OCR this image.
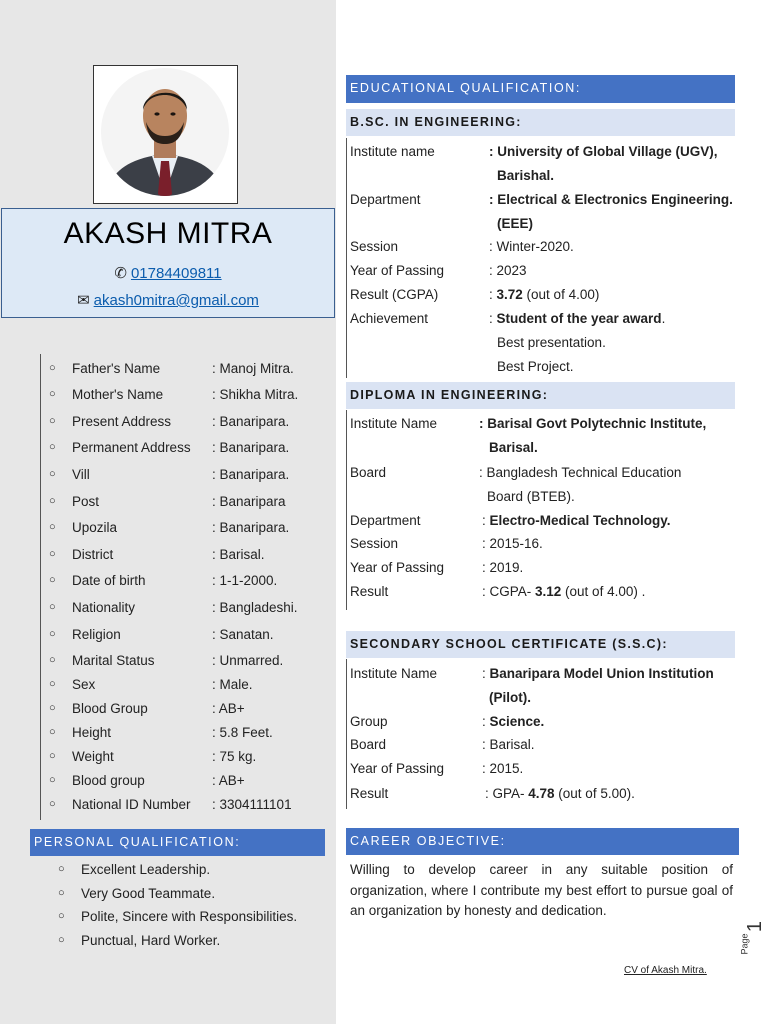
AKASH MITRA
✆ 01784409811
✉ akash0mitra@gmail.com
○ Father's Name	: Manoj Mitra.
○ Mother's Name	: Shikha Mitra.
○ Present Address	: Banaripara.
○ Permanent Address : Banaripara.
○ Vill	: Banaripara.
○ Post	: Banaripara
○ Upozila	: Banaripara.
○ District	: Barisal.
○ Date of birth	: 1-1-2000.
○ Nationality	: Bangladeshi.
○ Religion	: Sanatan.
○ Marital Status	: Unmarred.
○ Sex	: Male.
○ Blood Group	: AB+
○ Height	: 5.8 Feet.
○ Weight	: 75 kg.
○ Blood group	: AB+
○ National ID Number : 3304111101
PERSONAL QUALIFICATION:
○ Excellent Leadership.
○ Very Good Teammate.
○ Polite, Sincere with Responsibilities.
○ Punctual, Hard Worker.
EDUCATIONAL QUALIFICATION:
B.SC. IN ENGINEERING:
Institute name	: University of Global Village (UGV),
Barishal.
Department	: Electrical & Electronics Engineering.
(EEE)
Session	: Winter-2020.
Year of Passing	: 2023
Result (CGPA)	: 3.72 (out of 4.00)
Achievement	: Student of the year award.
Best presentation.
Best Project.
DIPLOMA IN ENGINEERING:
Institute Name	: Barisal Govt Polytechnic Institute,
Barisal.
Board	: Bangladesh Technical Education
Board (BTEB).
Department	: Electro-Medical Technology.
Session	: 2015-16.
Year of Passing	: 2019.
Result	: CGPA- 3.12 (out of 4.00) .
SECONDARY SCHOOL CERTIFICATE (S.S.C):
Institute Name	: Banaripara Model Union Institution
(Pilot).
Group	: Science.
Board	: Barisal.
Year of Passing	: 2015.
Result	: GPA- 4.78 (out of 5.00).
CAREER OBJECTIVE:
Willing to develop career in any suitable position of organization, where I contribute my best effort to pursue goal of an organization by honesty and dedication.
1
Page
CV of Akash Mitra.
